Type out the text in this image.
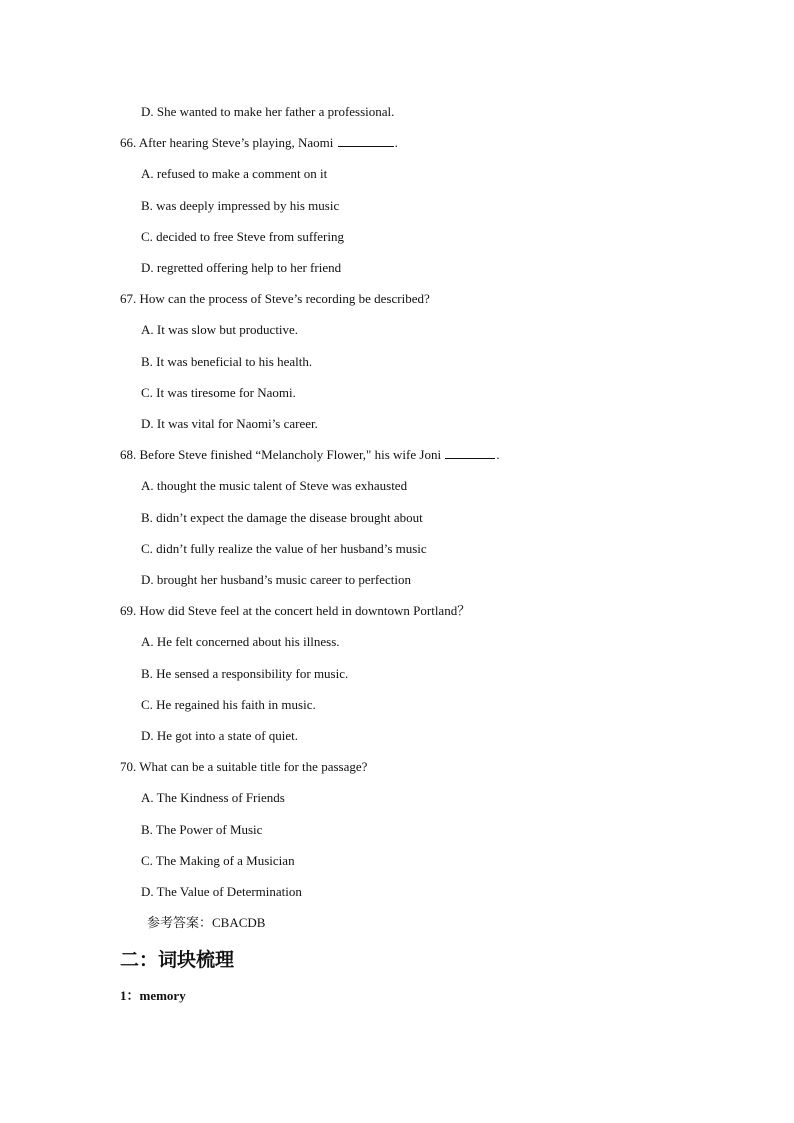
D. She wanted to make her father a professional.
66. After hearing Steve’s playing, Naomi	.
A. refused to make a comment on it
B. was deeply impressed by his music
C. decided to free Steve from suffering
D. regretted offering help to her friend
67. How can the process of Steve’s recording be described?
A. It was slow but productive.
B. It was beneficial to his health.
C. It was tiresome for Naomi.
D. It was vital for Naomi’s career.
68. Before Steve finished “Melancholy Flower," his wife Joni	.
A. thought the music talent of Steve was exhausted
B. didn’t expect the damage the disease brought about
C. didn’t fully realize the value of her husband’s music
D. brought her husband’s music career to perfection
69. How did Steve feel at the concert held in downtown Portland？
A. He felt concerned about his illness.
B. He sensed a responsibility for music.
C. He regained his faith in music.
D. He got into a state of quiet.
70. What can be a suitable title for the passage?
A. The Kindness of Friends
B. The Power of Music
C. The Making of a Musician
D. The Value of Determination
参考答案：CBACDB
二：词块梳理
1：memory
